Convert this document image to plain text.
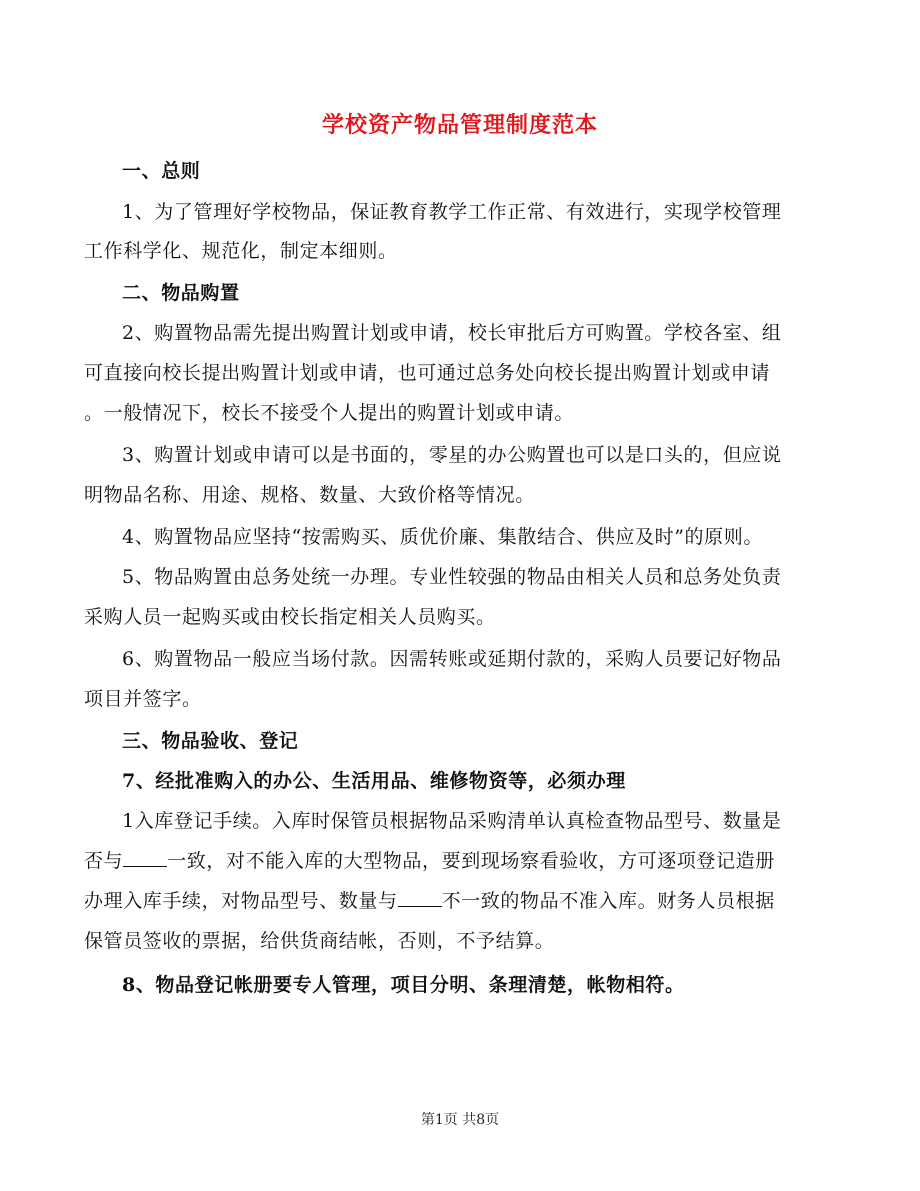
学校资产物品管理制度范本
一、总则
1、为了管理好学校物品，保证教育教学工作正常、有效进行，实现学校管理
工作科学化、规范化，制定本细则。
二、物品购置
2、购置物品需先提出购置计划或申请，校长审批后方可购置。学校各室、组
可直接向校长提出购置计划或申请，也可通过总务处向校长提出购置计划或申请
。一般情况下，校长不接受个人提出的购置计划或申请。
3、购置计划或申请可以是书面的，零星的办公购置也可以是口头的，但应说
明物品名称、用途、规格、数量、大致价格等情况。
4、购置物品应坚持“按需购买、质优价廉、集散结合、供应及时”的原则。
5、物品购置由总务处统一办理。专业性较强的物品由相关人员和总务处负责
采购人员一起购买或由校长指定相关人员购买。
6、购置物品一般应当场付款。因需转账或延期付款的，采购人员要记好物品
项目并签字。
三、物品验收、登记
7、经批准购入的办公、生活用品、维修物资等，必须办理
1入库登记手续。入库时保管员根据物品采购清单认真检查物品型号、数量是
否与 一致，对不能入库的大型物品，要到现场察看验收，方可逐项登记造册
办理入库手续，对物品型号、数量与 不一致的物品不准入库。财务人员根据
保管员签收的票据，给供货商结帐，否则，不予结算。
8、物品登记帐册要专人管理，项目分明、条理清楚，帐物相符。
第1页 共8页
